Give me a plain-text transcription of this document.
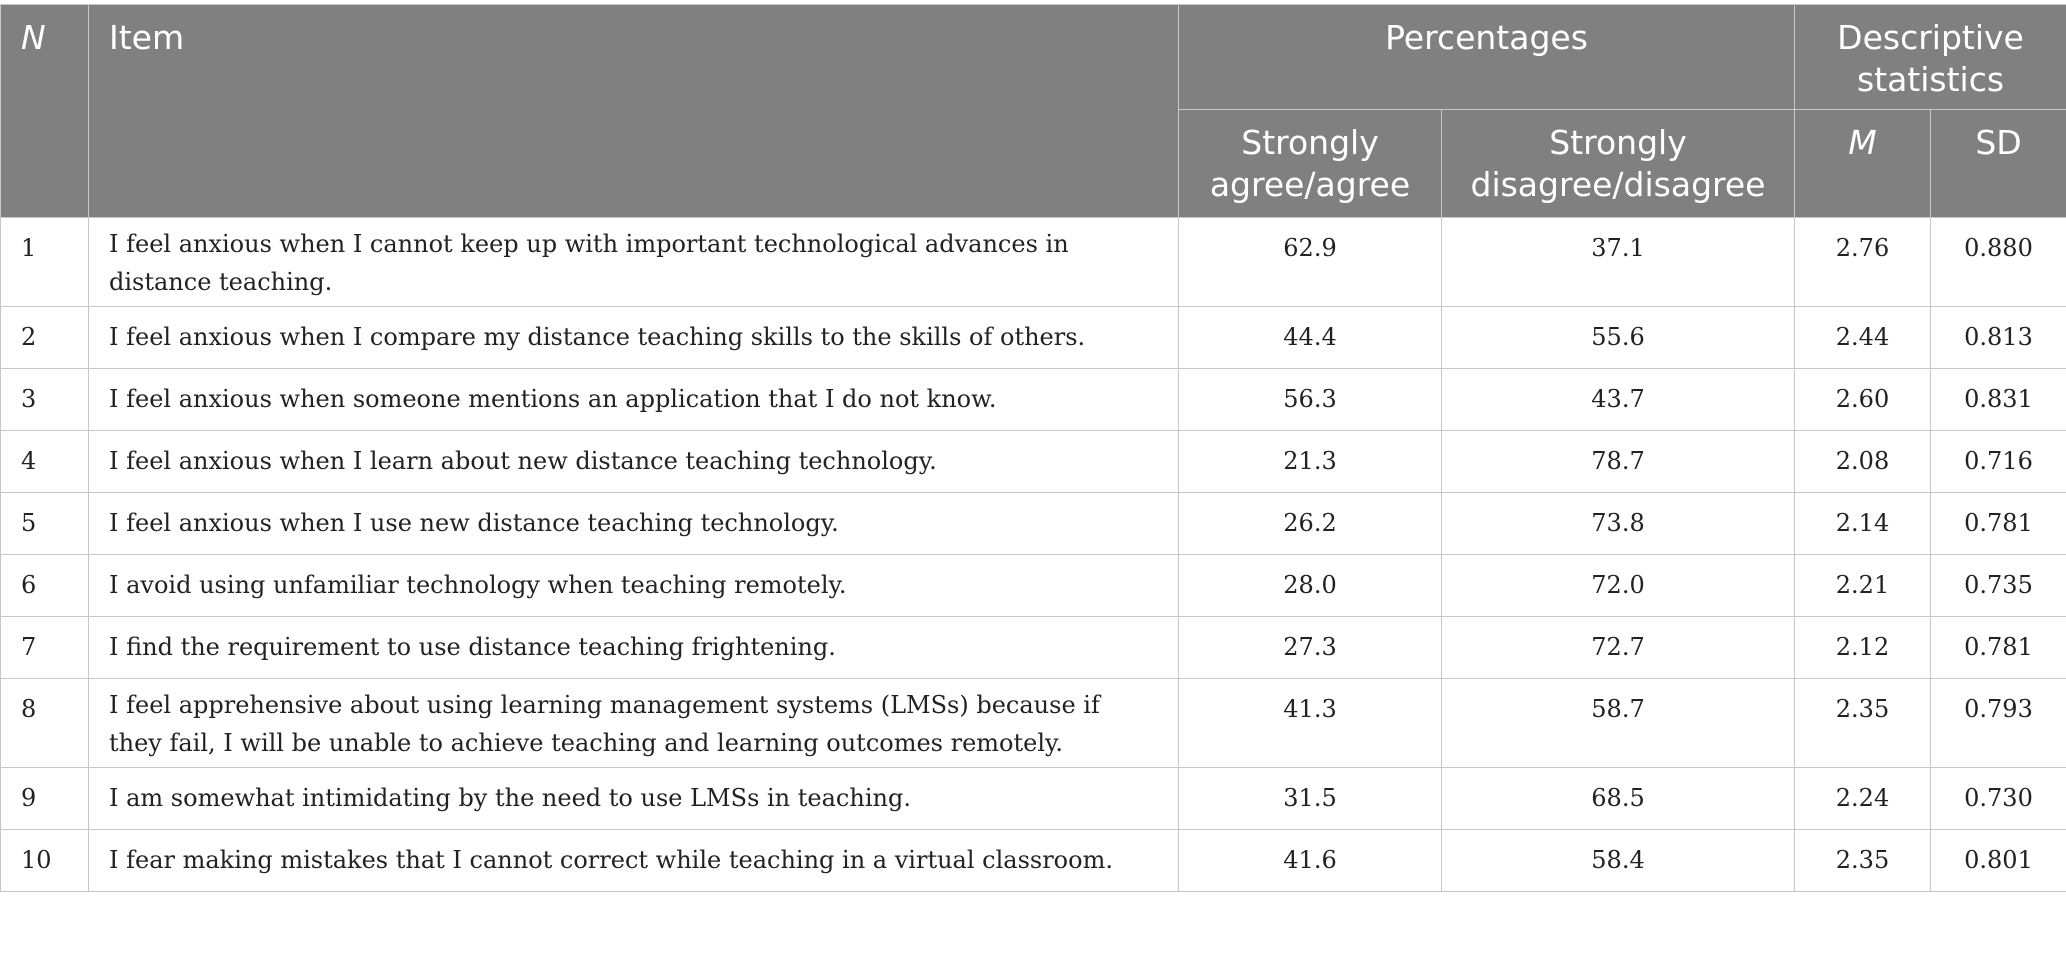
N	Item	Percentages		Descriptive statistics	
		Strongly agree/agree	Strongly disagree/disagree	M	SD
1	I feel anxious when I cannot keep up with important technological advances in distance teaching.	62.9	37.1	2.76	0.880
2	I feel anxious when I compare my distance teaching skills to the skills of others.	44.4	55.6	2.44	0.813
3	I feel anxious when someone mentions an application that I do not know.	56.3	43.7	2.60	0.831
4	I feel anxious when I learn about new distance teaching technology.	21.3	78.7	2.08	0.716
5	I feel anxious when I use new distance teaching technology.	26.2	73.8	2.14	0.781
6	I avoid using unfamiliar technology when teaching remotely.	28.0	72.0	2.21	0.735
7	I find the requirement to use distance teaching frightening.	27.3	72.7	2.12	0.781
8	I feel apprehensive about using learning management systems (LMSs) because if they fail, I will be unable to achieve teaching and learning outcomes remotely.	41.3	58.7	2.35	0.793
9	I am somewhat intimidating by the need to use LMSs in teaching.	31.5	68.5	2.24	0.730
10	I fear making mistakes that I cannot correct while teaching in a virtual classroom.	41.6	58.4	2.35	0.801
